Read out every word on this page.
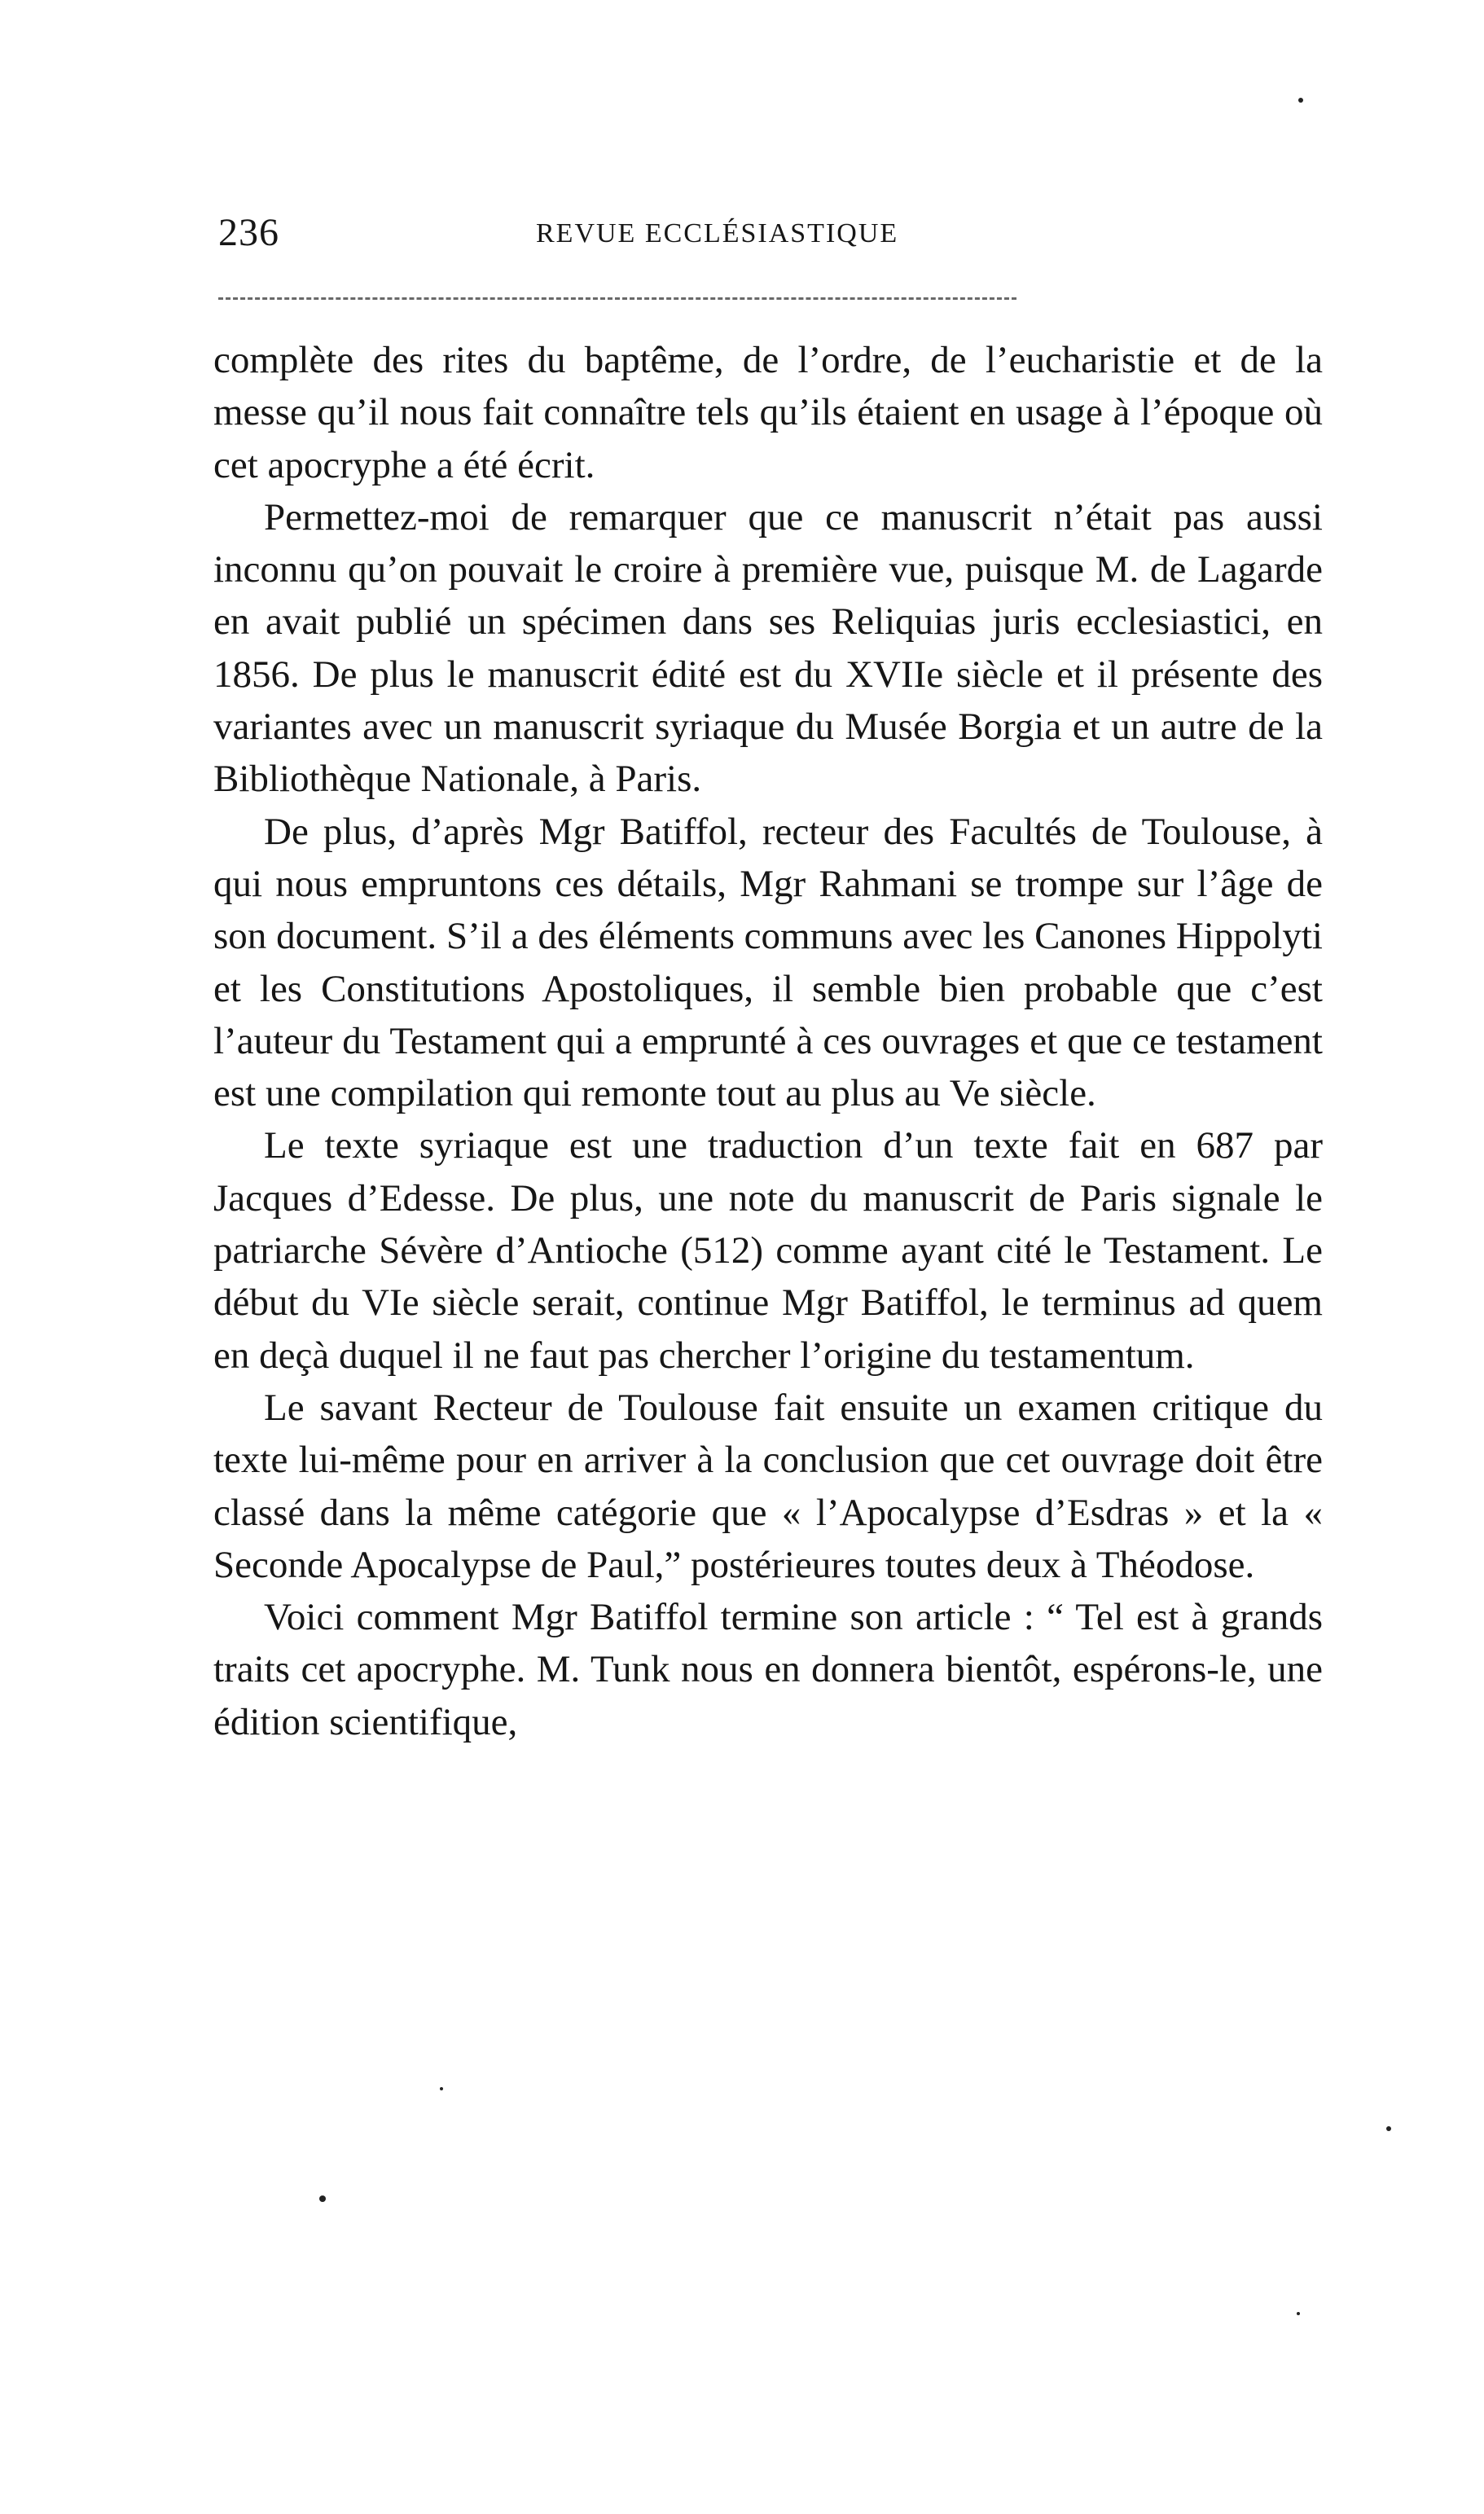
236	REVUE ECCLÉSIASTIQUE

complète des rites du baptême, de l’ordre, de l’eucharistie et de la messe qu’il nous fait connaître tels qu’ils étaient en usage à l’époque où cet apocryphe a été écrit.

Permettez-moi de remarquer que ce manuscrit n’était pas aussi inconnu qu’on pouvait le croire à première vue, puisque M. de Lagarde en avait publié un spécimen dans ses Reliquias juris ecclesiastici, en 1856. De plus le manuscrit édité est du XVIIe siècle et il présente des variantes avec un manuscrit syriaque du Musée Borgia et un autre de la Bibliothèque Nationale, à Paris.

De plus, d’après Mgr Batiffol, recteur des Facultés de Toulouse, à qui nous empruntons ces détails, Mgr Rahmani se trompe sur l’âge de son document. S’il a des éléments communs avec les Canones Hippolyti et les Constitutions Apostoliques, il semble bien probable que c’est l’auteur du Testament qui a emprunté à ces ouvrages et que ce testament est une compilation qui remonte tout au plus au Ve siècle.

Le texte syriaque est une traduction d’un texte fait en 687 par Jacques d’Edesse. De plus, une note du manuscrit de Paris signale le patriarche Sévère d’Antioche (512) comme ayant cité le Testament. Le début du VIe siècle serait, continue Mgr Batiffol, le terminus ad quem en deçà duquel il ne faut pas chercher l’origine du testamentum.

Le savant Recteur de Toulouse fait ensuite un examen critique du texte lui-même pour en arriver à la conclusion que cet ouvrage doit être classé dans la même catégorie que « l’Apocalypse d’Esdras » et la « Seconde Apocalypse de Paul,” postérieures toutes deux à Théodose.

Voici comment Mgr Batiffol termine son article : “ Tel est à grands traits cet apocryphe. M. Tunk nous en donnera bientôt, espérons-le, une édition scientifique,
